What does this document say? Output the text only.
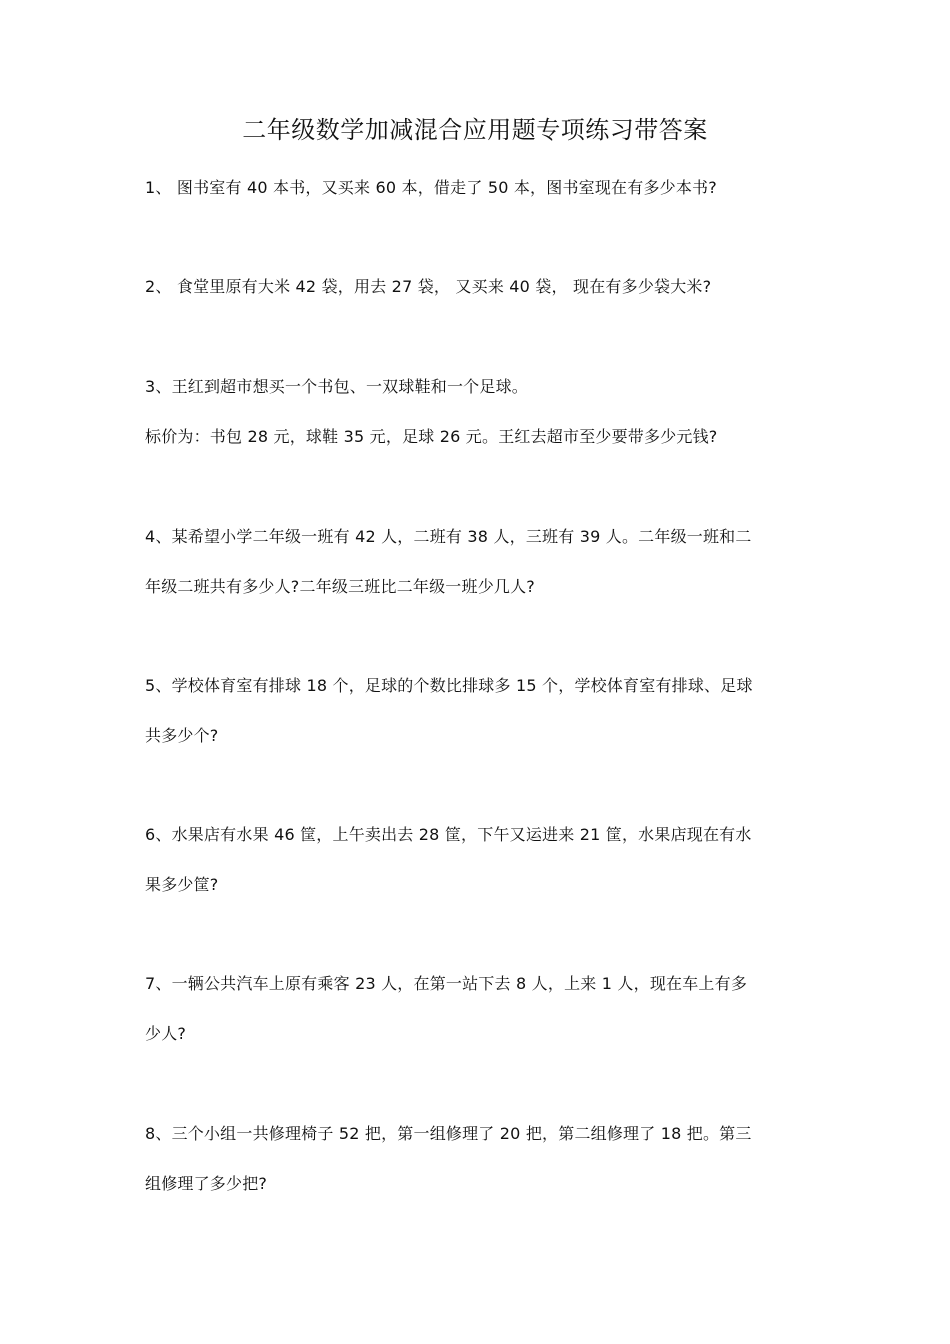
二年级数学加减混合应用题专项练习带答案
1、 图书室有 40 本书，又买来 60 本，借走了 50 本，图书室现在有多少本书?
2、 食堂里原有大米 42 袋，用去 27 袋， 又买来 40 袋， 现在有多少袋大米?
3、王红到超市想买一个书包、一双球鞋和一个足球。
标价为：书包 28 元，球鞋 35 元，足球 26 元。王红去超市至少要带多少元钱?
4、某希望小学二年级一班有 42 人，二班有 38 人，三班有 39 人。二年级一班和二
年级二班共有多少人?二年级三班比二年级一班少几人?
5、学校体育室有排球 18 个，足球的个数比排球多 15 个，学校体育室有排球、足球
共多少个?
6、水果店有水果 46 筐，上午卖出去 28 筐，下午又运进来 21 筐，水果店现在有水
果多少筐?
7、一辆公共汽车上原有乘客 23 人，在第一站下去 8 人，上来 1 人，现在车上有多
少人?
8、三个小组一共修理椅子 52 把，第一组修理了 20 把，第二组修理了 18 把。第三
组修理了多少把?
